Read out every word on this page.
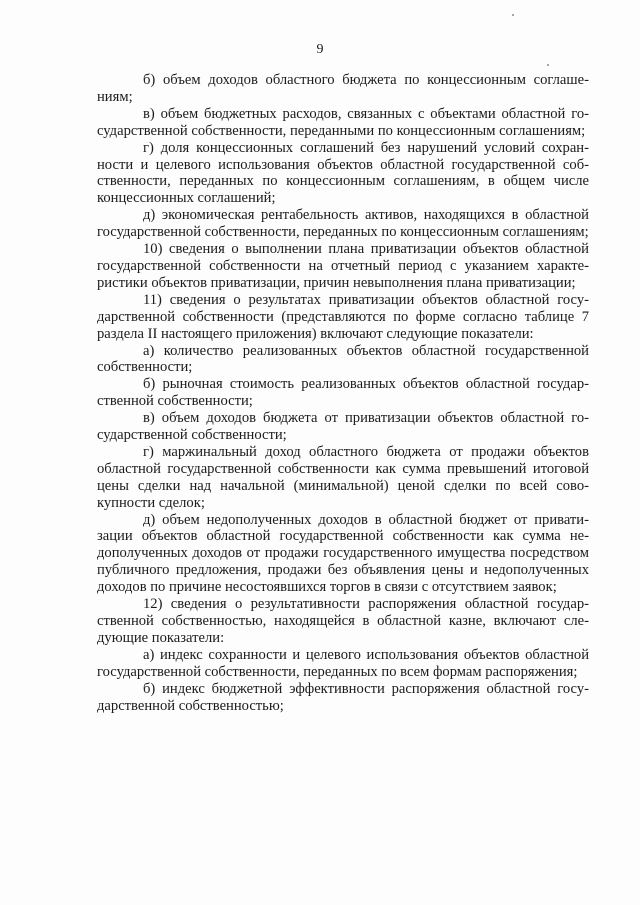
9

б) объем доходов областного бюджета по концессионным соглашениям;

в) объем бюджетных расходов, связанных с объектами областной государственной собственности, переданными по концессионным соглашениям;

г) доля концессионных соглашений без нарушений условий сохранности и целевого использования объектов областной государственной собственности, переданных по концессионным соглашениям, в общем числе концессионных соглашений;

д) экономическая рентабельность активов, находящихся в областной государственной собственности, переданных по концессионным соглашениям;

10) сведения о выполнении плана приватизации объектов областной государственной собственности на отчетный период с указанием характеристики объектов приватизации, причин невыполнения плана приватизации;

11) сведения о результатах приватизации объектов областной государственной собственности (представляются по форме согласно таблице 7 раздела II настоящего приложения) включают следующие показатели:

а) количество реализованных объектов областной государственной собственности;

б) рыночная стоимость реализованных объектов областной государственной собственности;

в) объем доходов бюджета от приватизации объектов областной государственной собственности;

г) маржинальный доход областного бюджета от продажи объектов областной государственной собственности как сумма превышений итоговой цены сделки над начальной (минимальной) ценой сделки по всей совокупности сделок;

д) объем недополученных доходов в областной бюджет от приватизации объектов областной государственной собственности как сумма недополученных доходов от продажи государственного имущества посредством публичного предложения, продажи без объявления цены и недополученных доходов по причине несостоявшихся торгов в связи с отсутствием заявок;

12) сведения о результативности распоряжения областной государственной собственностью, находящейся в областной казне, включают следующие показатели:

а) индекс сохранности и целевого использования объектов областной государственной собственности, переданных по всем формам распоряжения;

б) индекс бюджетной эффективности распоряжения областной государственной собственностью;
